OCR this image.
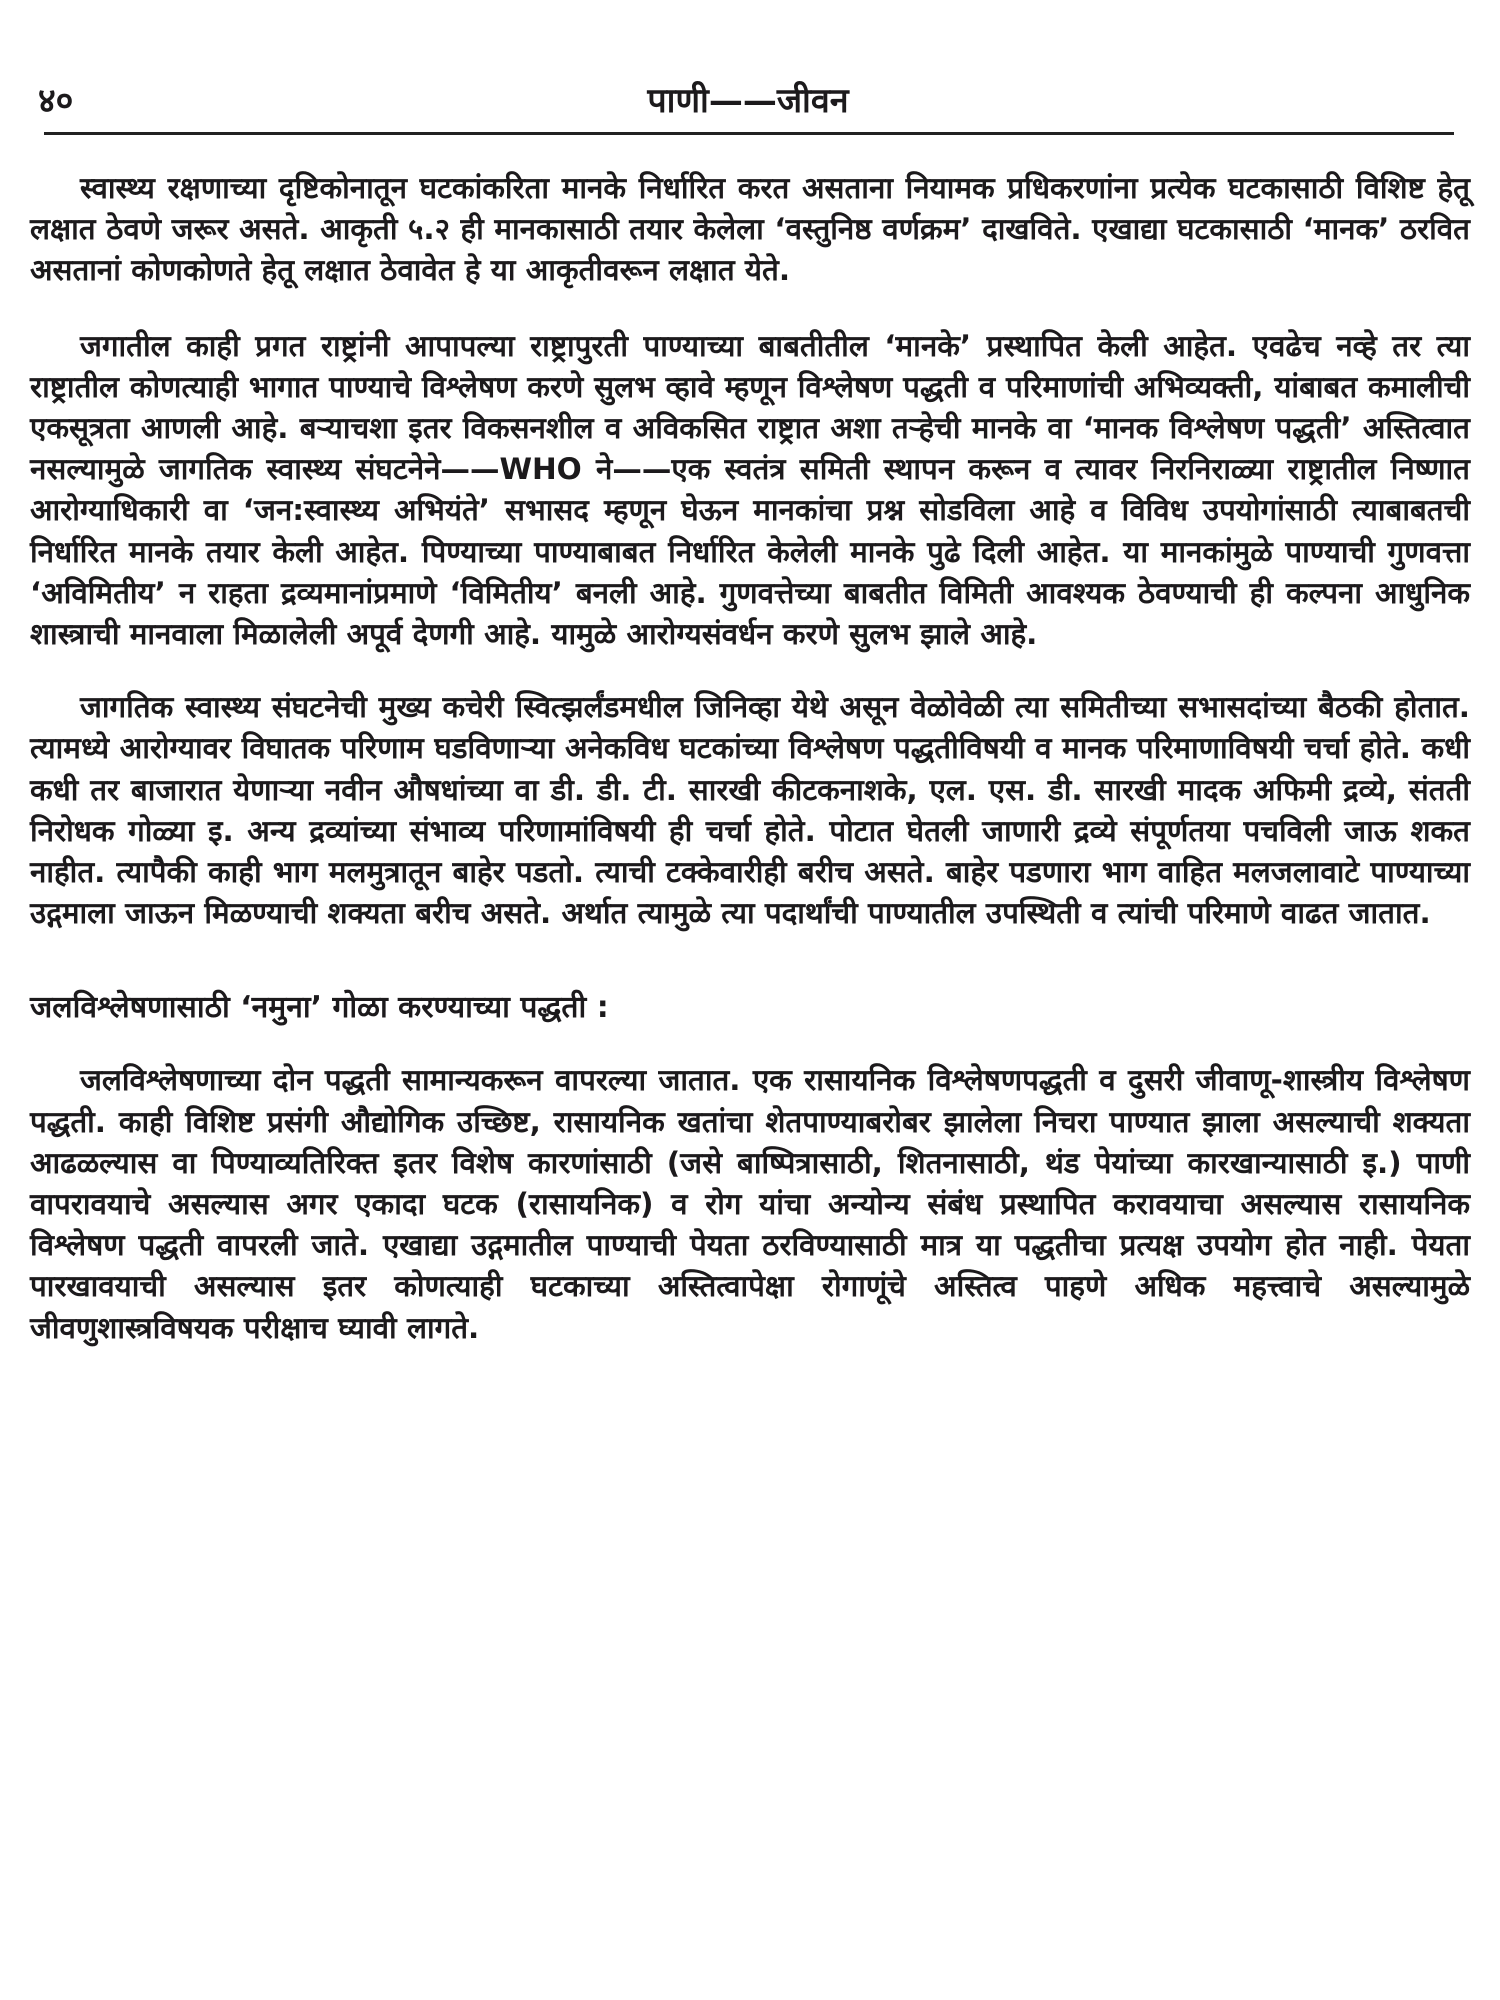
४०	पाणी——जीवन

स्वास्थ्य रक्षणाच्या दृष्टिकोनातून घटकांकरिता मानके निर्धारित करत असताना नियामक प्रधिकरणांना प्रत्येक घटकासाठी विशिष्ट हेतू लक्षात ठेवणे जरूर असते. आकृती ५.२ ही मानकासाठी तयार केलेला ‘वस्तुनिष्ठ वर्णक्रम’ दाखविते. एखाद्या घटकासाठी ‘मानक’ ठरवित असतानां कोणकोणते हेतू लक्षात ठेवावेत हे या आकृतीवरून लक्षात येते.

जगातील काही प्रगत राष्ट्रांनी आपापल्या राष्ट्रापुरती पाण्याच्या बाबतीतील ‘मानके’ प्रस्थापित केली आहेत. एवढेच नव्हे तर त्या राष्ट्रातील कोणत्याही भागात पाण्याचे विश्लेषण करणे सुलभ व्हावे म्हणून विश्लेषण पद्धती व परिमाणांची अभिव्यक्ती, यांबाबत कमालीची एकसूत्रता आणली आहे. बऱ्याचशा इतर विकसनशील व अविकसित राष्ट्रात अशा तऱ्हेची मानके वा ‘मानक विश्लेषण पद्धती’ अस्तित्वात नसल्यामुळे जागतिक स्वास्थ्य संघटनेने——WHO ने——एक स्वतंत्र समिती स्थापन करून व त्यावर निरनिराळ्या राष्ट्रातील निष्णात आरोग्याधिकारी वा ‘जन:स्वास्थ्य अभियंते’ सभासद म्हणून घेऊन मानकांचा प्रश्न सोडविला आहे व विविध उपयोगांसाठी त्याबाबतची निर्धारित मानके तयार केली आहेत. पिण्याच्या पाण्याबाबत निर्धारित केलेली मानके पुढे दिली आहेत. या मानकांमुळे पाण्याची गुणवत्ता ‘अविमितीय’ न राहता द्रव्यमानांप्रमाणे ‘विमितीय’ बनली आहे. गुणवत्तेच्या बाबतीत विमिती आवश्यक ठेवण्याची ही कल्पना आधुनिक शास्त्राची मानवाला मिळालेली अपूर्व देणगी आहे. यामुळे आरोग्यसंवर्धन करणे सुलभ झाले आहे.

जागतिक स्वास्थ्य संघटनेची मुख्य कचेरी स्वित्झर्लंडमधील जिनिव्हा येथे असून वेळोवेळी त्या समितीच्या सभासदांच्या बैठकी होतात. त्यामध्ये आरोग्यावर विघातक परिणाम घडविणाऱ्या अनेकविध घटकांच्या विश्लेषण पद्धतीविषयी व मानक परिमाणाविषयी चर्चा होते. कधी कधी तर बाजारात येणाऱ्या नवीन औषधांच्या वा डी. डी. टी. सारखी कीटकनाशके, एल. एस. डी. सारखी मादक अफिमी द्रव्ये, संतती निरोधक गोळ्या इ. अन्य द्रव्यांच्या संभाव्य परिणामांविषयी ही चर्चा होते. पोटात घेतली जाणारी द्रव्ये संपूर्णतया पचविली जाऊ शकत नाहीत. त्यापैकी काही भाग मलमुत्रातून बाहेर पडतो. त्याची टक्केवारीही बरीच असते. बाहेर पडणारा भाग वाहित मलजलावाटे पाण्याच्या उद्गमाला जाऊन मिळण्याची शक्यता बरीच असते. अर्थात त्यामुळे त्या पदार्थांची पाण्यातील उपस्थिती व त्यांची परिमाणे वाढत जातात.

जलविश्लेषणासाठी ‘नमुना’ गोळा करण्याच्या पद्धती :

जलविश्लेषणाच्या दोन पद्धती सामान्यकरून वापरल्या जातात. एक रासायनिक विश्लेषणपद्धती व दुसरी जीवाणू-शास्त्रीय विश्लेषण पद्धती. काही विशिष्ट प्रसंगी औद्योगिक उच्छिष्ट, रासायनिक खतांचा शेतपाण्याबरोबर झालेला निचरा पाण्यात झाला असल्याची शक्यता आढळल्यास वा पिण्याव्यतिरिक्त इतर विशेष कारणांसाठी (जसे बाष्पित्रासाठी, शितनासाठी, थंड पेयांच्या कारखान्यासाठी इ.) पाणी वापरावयाचे असल्यास अगर एकादा घटक (रासायनिक) व रोग यांचा अन्योन्य संबंध प्रस्थापित करावयाचा असल्यास रासायनिक विश्लेषण पद्धती वापरली जाते. एखाद्या उद्गमातील पाण्याची पेयता ठरविण्यासाठी मात्र या पद्धतीचा प्रत्यक्ष उपयोग होत नाही. पेयता पारखावयाची असल्यास इतर कोणत्याही घटकाच्या अस्तित्वापेक्षा रोगाणूंचे अस्तित्व पाहणे अधिक महत्त्वाचे असल्यामुळे जीवणुशास्त्रविषयक परीक्षाच घ्यावी लागते.
